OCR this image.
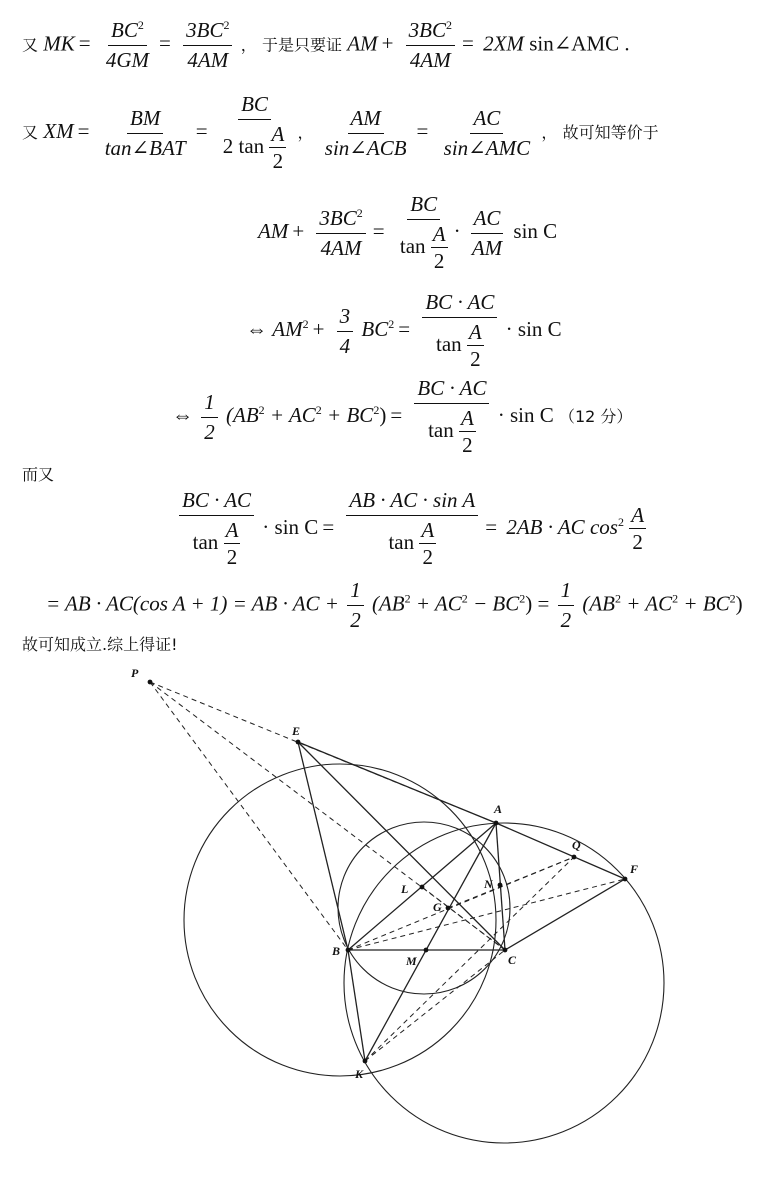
又 MK = $\frac{BC^2}{4GM} = \frac{3BC^2}{4AM}$ ， 于是只要证 AM + $\frac{3BC^2}{4AM} = 2XM$ sin∠AMC .
又 XM = $\frac{BM}{\text{tan∠BAT}} = \frac{BC}{2 \tan \frac{A}{2}}$ ， $\frac{AM}{\text{sin∠ACB}} = \frac{AC}{\text{sin∠AMC}}$ ， 故可知等价于
AM + $\frac{3BC^2}{4AM} = \frac{BC}{\tan \frac{A}{2}} \cdot \frac{AC}{AM}$ sin C
⇔ $AM^2 + \frac{3}{4} BC^2 = \frac{BC \cdot AC}{\tan \frac{A}{2}} \cdot \sin C$
⇔ $\frac{1}{2} (AB^2 + AC^2 + BC^2) = \frac{BC \cdot AC}{\tan \frac{A}{2}} \cdot \sin C$ （12 分）
而又
$\frac{BC \cdot AC}{\tan \frac{A}{2}} \cdot \sin C = \frac{\text{AB · AC · sin A}}{\tan \frac{A}{2}} = 2AB$ · AC $\cos^2 \frac{A}{2}$
= AB · AC(cos A + 1) = AB · AC + $\frac{1}{2} (AB^2 + AC^2 - BC^2) = \frac{1}{2} (AB^2 + AC^2 + BC^2)$
故可知成立.综上得证!
P
E
A
Q
F
L	N
G
B
M	C
K
